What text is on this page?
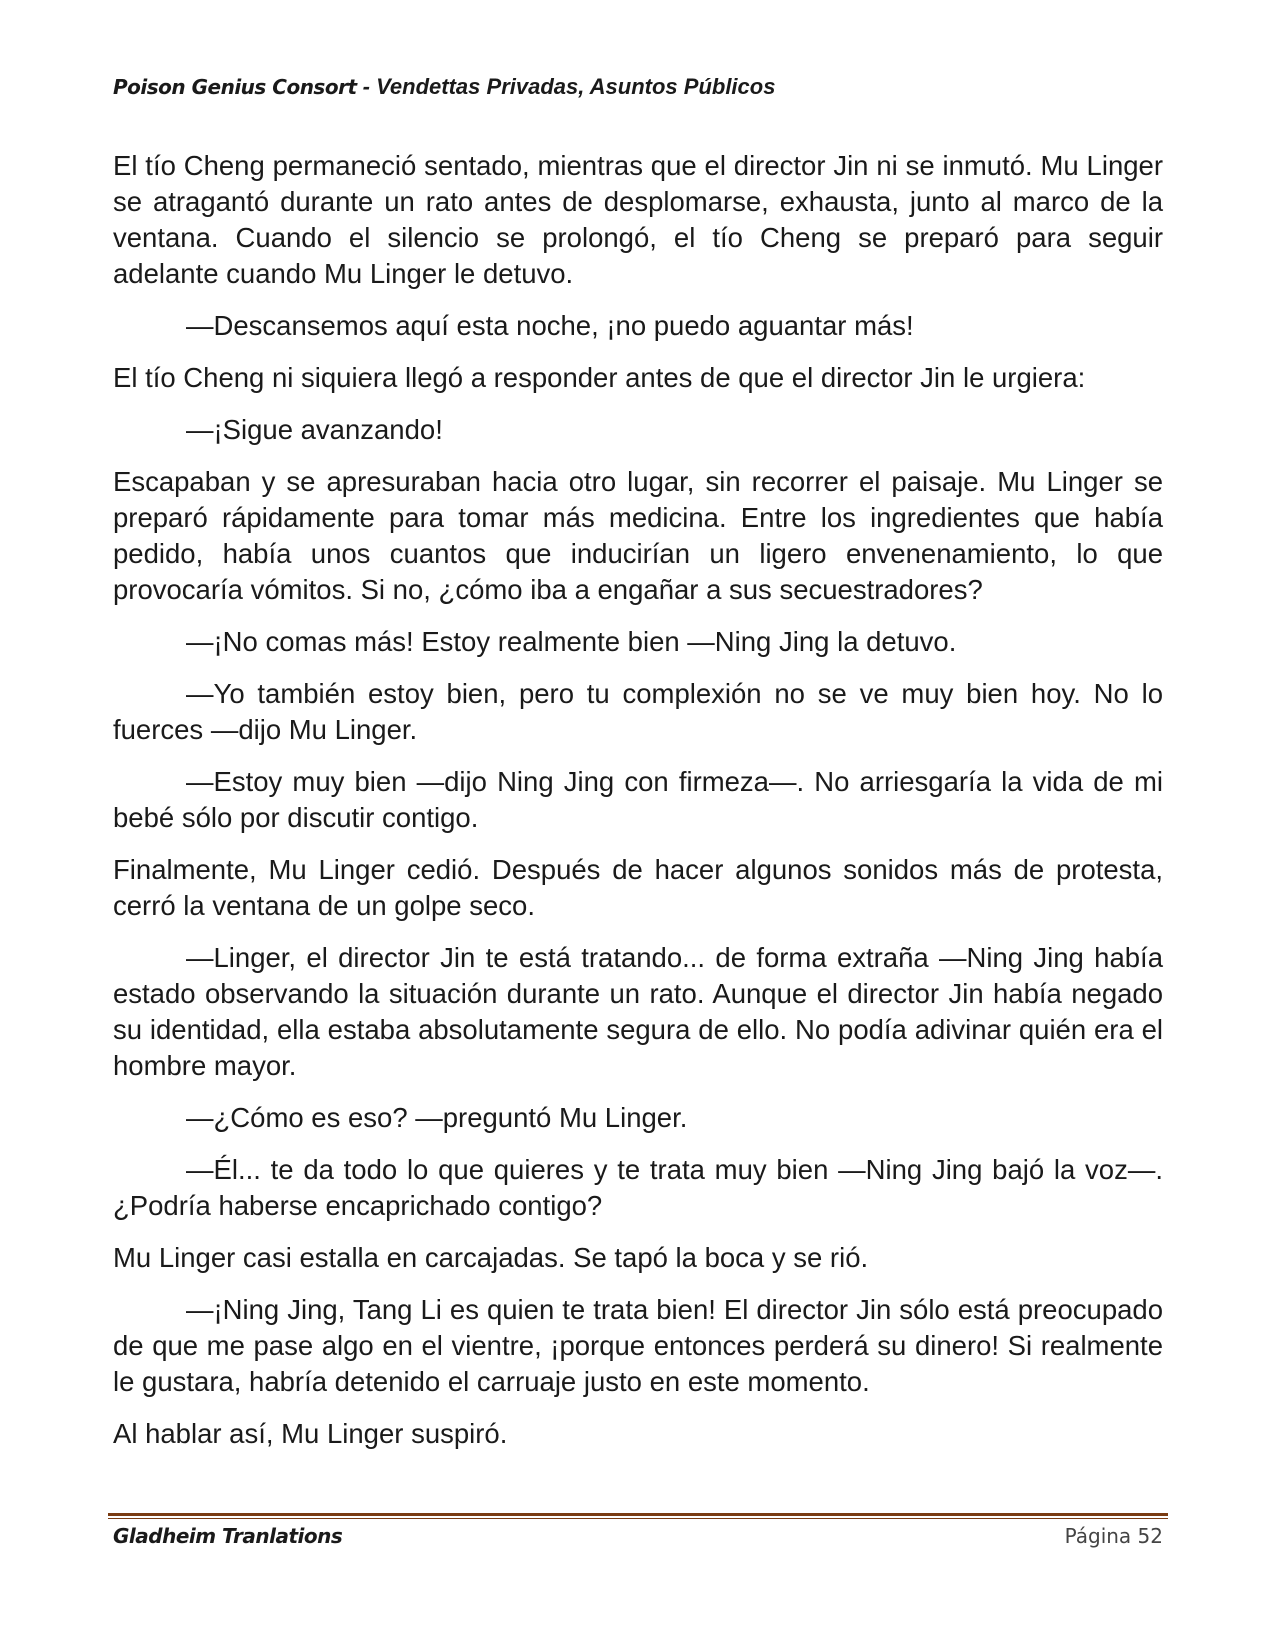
Poison Genius Consort - Vendettas Privadas, Asuntos Públicos

El tío Cheng permaneció sentado, mientras que el director Jin ni se inmutó. Mu Linger se atragantó durante un rato antes de desplomarse, exhausta, junto al marco de la ventana. Cuando el silencio se prolongó, el tío Cheng se preparó para seguir adelante cuando Mu Linger le detuvo.

—Descansemos aquí esta noche, ¡no puedo aguantar más!

El tío Cheng ni siquiera llegó a responder antes de que el director Jin le urgiera:

—¡Sigue avanzando!

Escapaban y se apresuraban hacia otro lugar, sin recorrer el paisaje. Mu Linger se preparó rápidamente para tomar más medicina. Entre los ingredientes que había pedido, había unos cuantos que inducirían un ligero envenenamiento, lo que provocaría vómitos. Si no, ¿cómo iba a engañar a sus secuestradores?

—¡No comas más! Estoy realmente bien —Ning Jing la detuvo.

—Yo también estoy bien, pero tu complexión no se ve muy bien hoy. No lo fuerces —dijo Mu Linger.

—Estoy muy bien —dijo Ning Jing con firmeza—. No arriesgaría la vida de mi bebé sólo por discutir contigo.

Finalmente, Mu Linger cedió. Después de hacer algunos sonidos más de protesta, cerró la ventana de un golpe seco.

—Linger, el director Jin te está tratando... de forma extraña —Ning Jing había estado observando la situación durante un rato. Aunque el director Jin había negado su identidad, ella estaba absolutamente segura de ello. No podía adivinar quién era el hombre mayor.

—¿Cómo es eso? —preguntó Mu Linger.

—Él... te da todo lo que quieres y te trata muy bien —Ning Jing bajó la voz—. ¿Podría haberse encaprichado contigo?

Mu Linger casi estalla en carcajadas. Se tapó la boca y se rió.

—¡Ning Jing, Tang Li es quien te trata bien! El director Jin sólo está preocupado de que me pase algo en el vientre, ¡porque entonces perderá su dinero! Si realmente le gustara, habría detenido el carruaje justo en este momento.

Al hablar así, Mu Linger suspiró.

Gladheim Tranlations	Página 52
